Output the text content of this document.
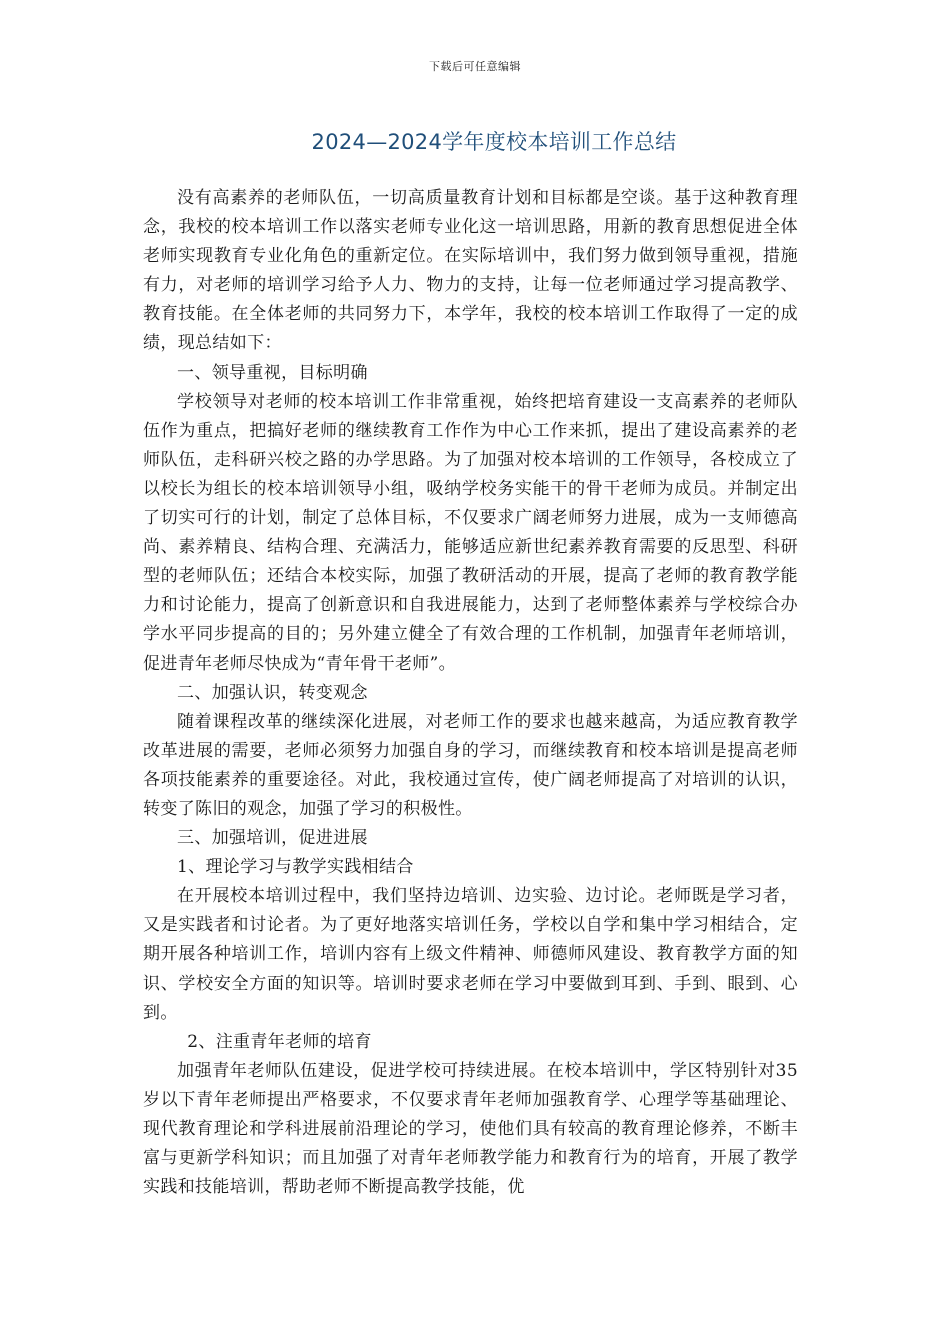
下载后可任意编辑
2024—2024学年度校本培训工作总结

没有高素养的老师队伍，一切高质量教育计划和目标都是空谈。基于这种教育理念，我校的校本培训工作以落实老师专业化这一培训思路，用新的教育思想促进全体老师实现教育专业化角色的重新定位。在实际培训中，我们努力做到领导重视，措施有力，对老师的培训学习给予人力、物力的支持，让每一位老师通过学习提高教学、教育技能。在全体老师的共同努力下，本学年，我校的校本培训工作取得了一定的成绩，现总结如下：

一、领导重视，目标明确

学校领导对老师的校本培训工作非常重视，始终把培育建设一支高素养的老师队伍作为重点，把搞好老师的继续教育工作作为中心工作来抓，提出了建设高素养的老师队伍，走科研兴校之路的办学思路。为了加强对校本培训的工作领导，各校成立了以校长为组长的校本培训领导小组，吸纳学校务实能干的骨干老师为成员。并制定出了切实可行的计划，制定了总体目标，不仅要求广阔老师努力进展，成为一支师德高尚、素养精良、结构合理、充满活力，能够适应新世纪素养教育需要的反思型、科研型的老师队伍；还结合本校实际，加强了教研活动的开展，提高了老师的教育教学能力和讨论能力，提高了创新意识和自我进展能力，达到了老师整体素养与学校综合办学水平同步提高的目的；另外建立健全了有效合理的工作机制，加强青年老师培训，促进青年老师尽快成为“青年骨干老师”。

二、加强认识，转变观念

随着课程改革的继续深化进展，对老师工作的要求也越来越高，为适应教育教学改革进展的需要，老师必须努力加强自身的学习，而继续教育和校本培训是提高老师各项技能素养的重要途径。对此，我校通过宣传，使广阔老师提高了对培训的认识，转变了陈旧的观念，加强了学习的积极性。

三、加强培训，促进进展

1、理论学习与教学实践相结合

在开展校本培训过程中，我们坚持边培训、边实验、边讨论。老师既是学习者，又是实践者和讨论者。为了更好地落实培训任务，学校以自学和集中学习相结合，定期开展各种培训工作，培训内容有上级文件精神、师德师风建设、教育教学方面的知识、学校安全方面的知识等。培训时要求老师在学习中要做到耳到、手到、眼到、心到。

2、注重青年老师的培育

加强青年老师队伍建设，促进学校可持续进展。在校本培训中，学区特别针对35岁以下青年老师提出严格要求，不仅要求青年老师加强教育学、心理学等基础理论、现代教育理论和学科进展前沿理论的学习，使他们具有较高的教育理论修养，不断丰富与更新学科知识；而且加强了对青年老师教学能力和教育行为的培育，开展了教学实践和技能培训，帮助老师不断提高教学技能，优
